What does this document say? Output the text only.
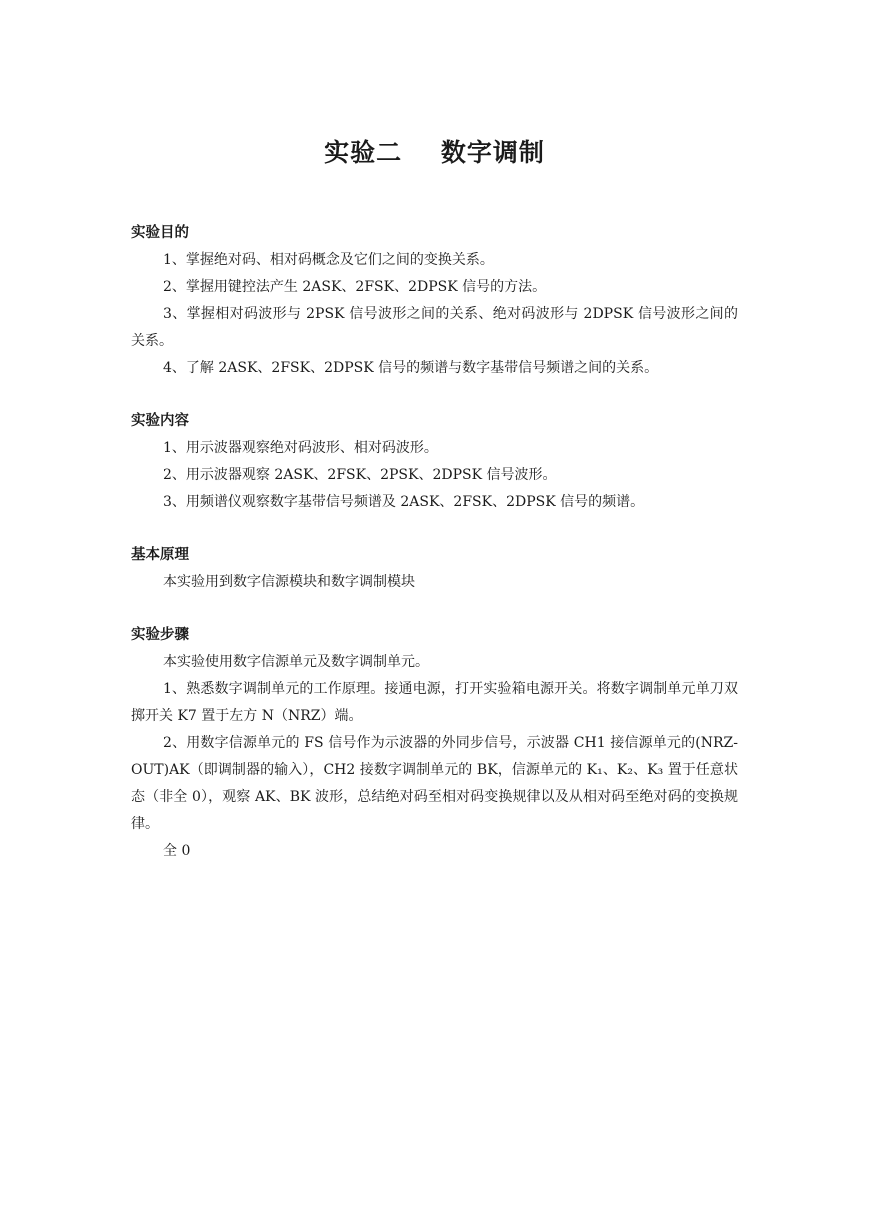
实验二    数字调制

实验目的

1、掌握绝对码、相对码概念及它们之间的变换关系。

2、掌握用键控法产生 2ASK、2FSK、2DPSK 信号的方法。

3、掌握相对码波形与 2PSK 信号波形之间的关系、绝对码波形与 2DPSK 信号波形之间的关系。

4、了解 2ASK、2FSK、2DPSK 信号的频谱与数字基带信号频谱之间的关系。

实验内容

1、用示波器观察绝对码波形、相对码波形。

2、用示波器观察 2ASK、2FSK、2PSK、2DPSK 信号波形。

3、用频谱仪观察数字基带信号频谱及 2ASK、2FSK、2DPSK 信号的频谱。

基本原理

本实验用到数字信源模块和数字调制模块

实验步骤

本实验使用数字信源单元及数字调制单元。

1、熟悉数字调制单元的工作原理。接通电源，打开实验箱电源开关。将数字调制单元单刀双掷开关 K7 置于左方 N（NRZ）端。

2、用数字信源单元的 FS 信号作为示波器的外同步信号，示波器 CH1 接信源单元的(NRZ-OUT)AK（即调制器的输入），CH2 接数字调制单元的 BK，信源单元的 K₁、K₂、K₃ 置于任意状态（非全 0），观察 AK、BK 波形，总结绝对码至相对码变换规律以及从相对码至绝对码的变换规律。

全 0
